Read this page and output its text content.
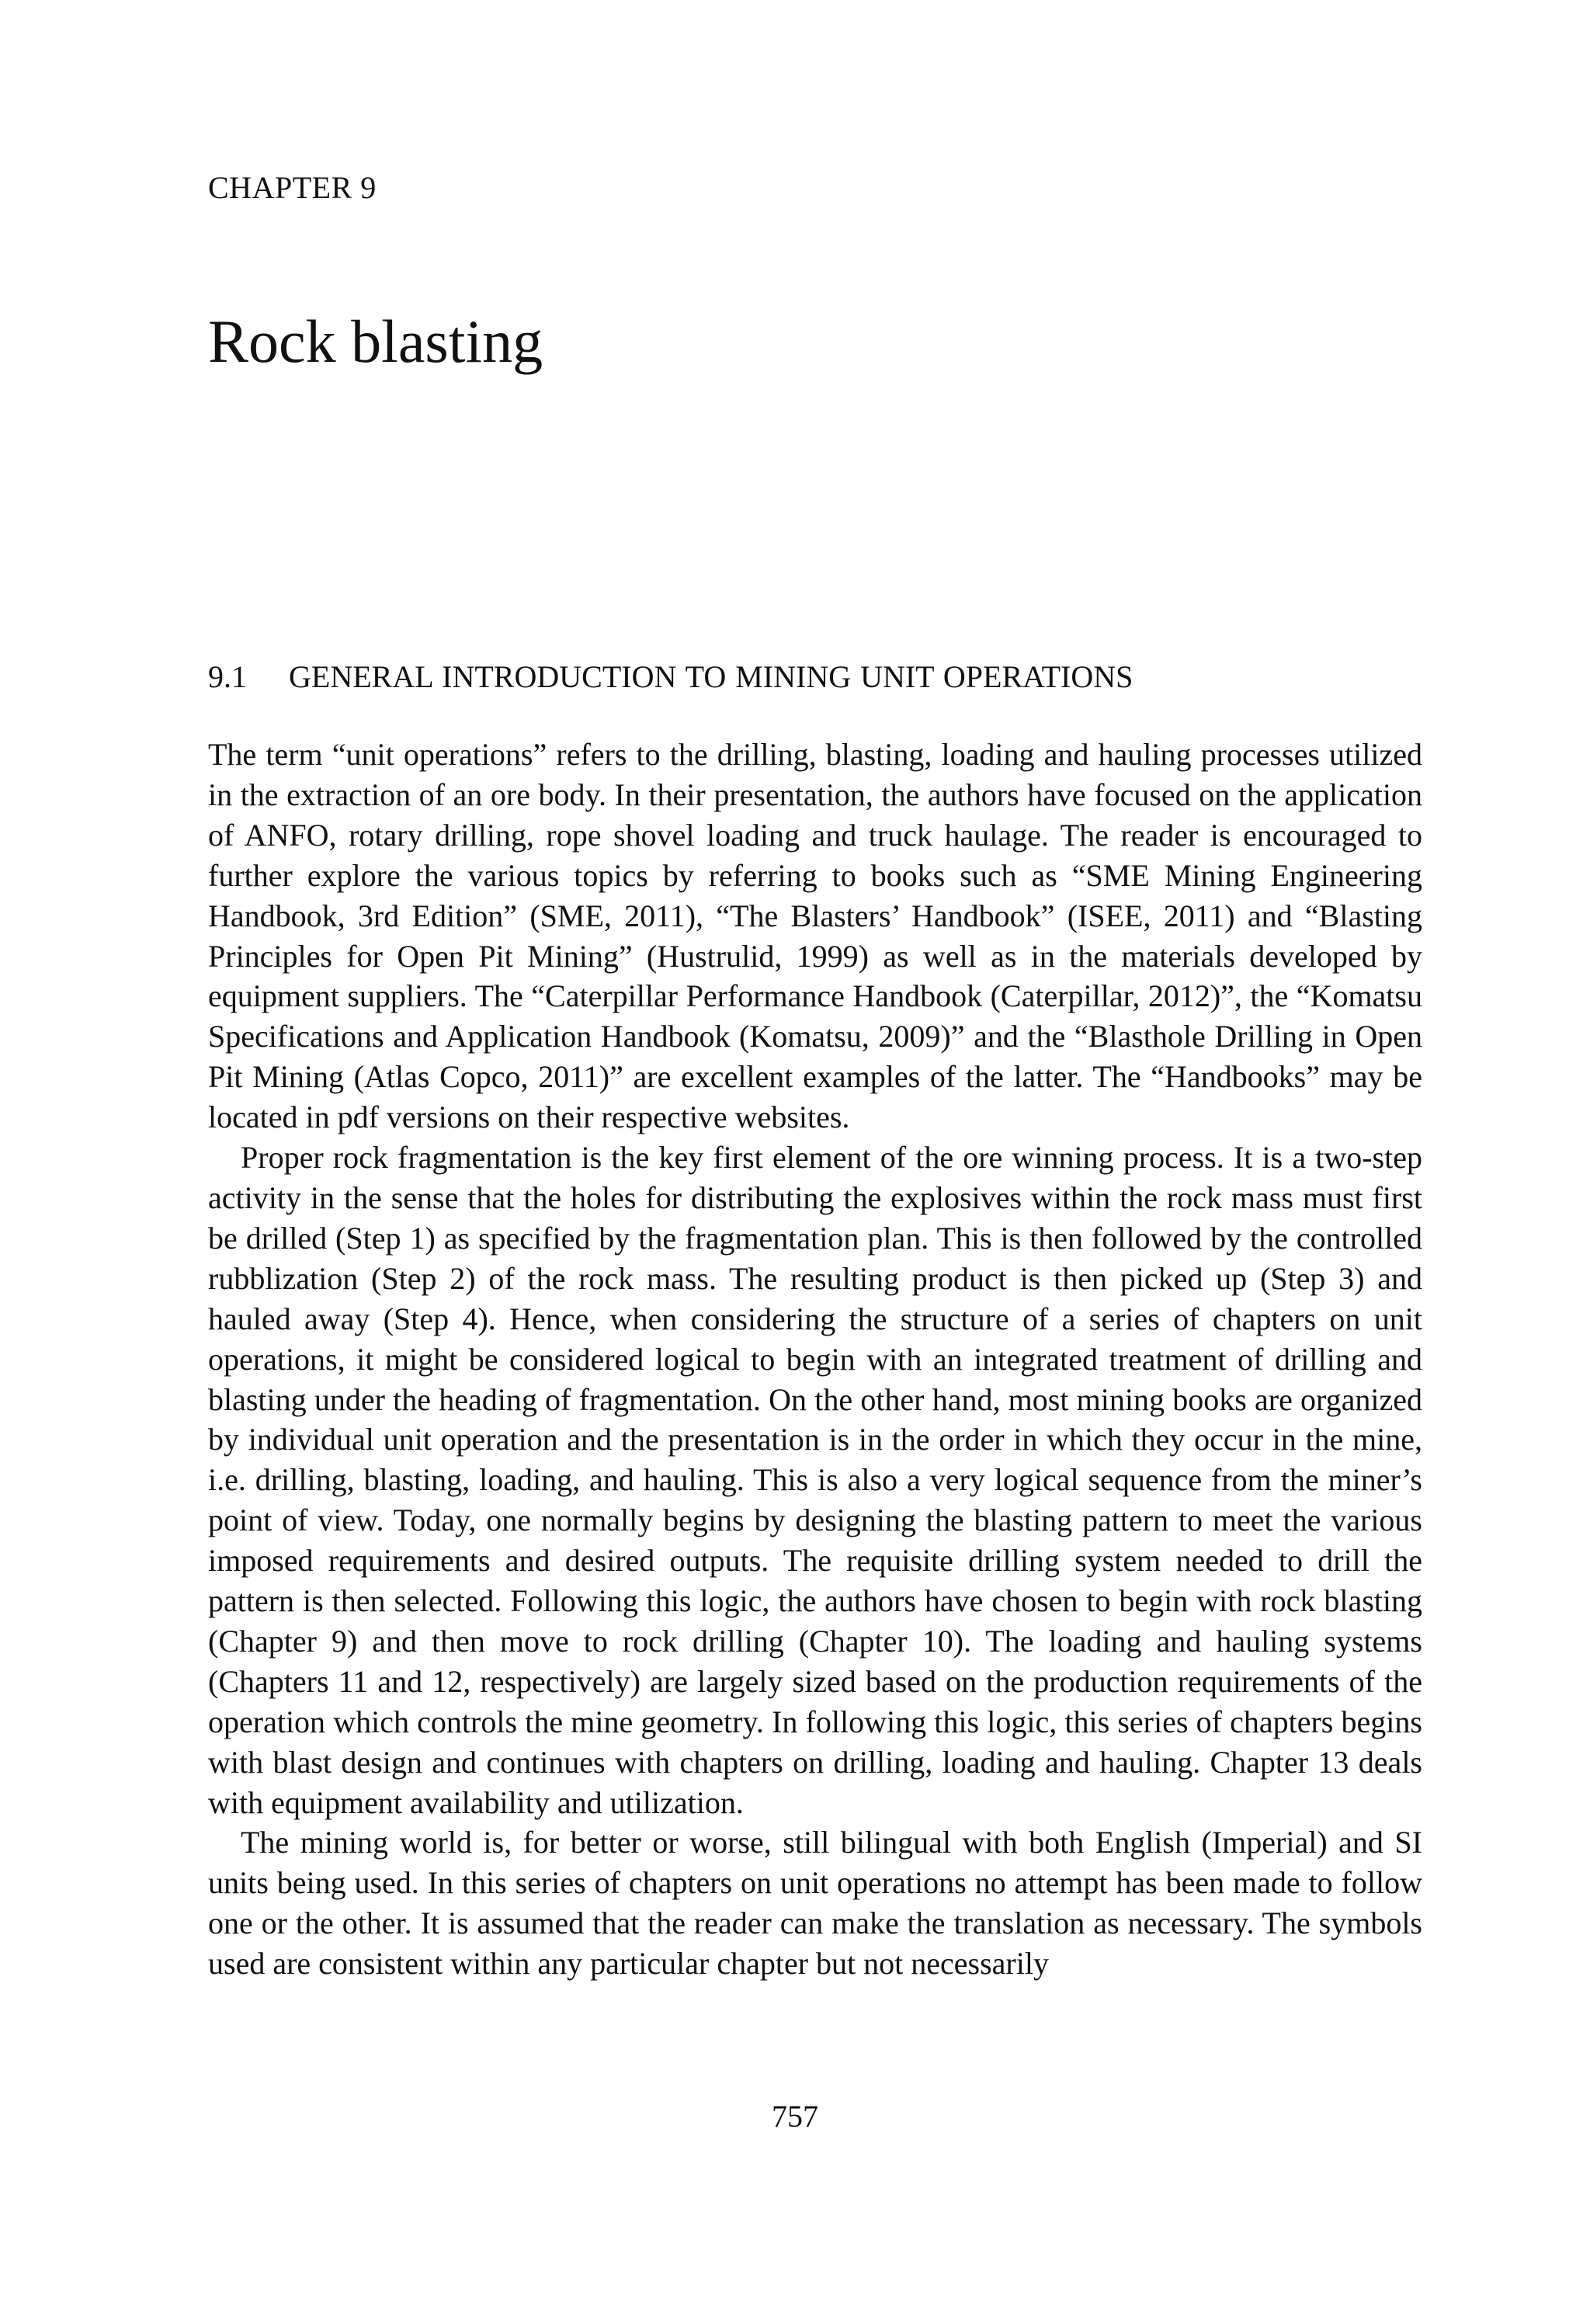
CHAPTER 9
Rock blasting
9.1 GENERAL INTRODUCTION TO MINING UNIT OPERATIONS

The term “unit operations” refers to the drilling, blasting, loading and hauling processes utilized in the extraction of an ore body. In their presentation, the authors have focused on the application of ANFO, rotary drilling, rope shovel loading and truck haulage. The reader is encouraged to further explore the various topics by referring to books such as “SME Mining Engineering Handbook, 3rd Edition” (SME, 2011), “The Blasters’ Handbook” (ISEE, 2011) and “Blasting Principles for Open Pit Mining” (Hustrulid, 1999) as well as in the materials developed by equipment suppliers. The “Caterpillar Performance Handbook (Caterpillar, 2012)”, the “Komatsu Specifications and Application Handbook (Komatsu, 2009)” and the “Blasthole Drilling in Open Pit Mining (Atlas Copco, 2011)” are excellent examples of the latter. The “Handbooks” may be located in pdf versions on their respective websites.

Proper rock fragmentation is the key first element of the ore winning process. It is a two-step activity in the sense that the holes for distributing the explosives within the rock mass must first be drilled (Step 1) as specified by the fragmentation plan. This is then followed by the controlled rubblization (Step 2) of the rock mass. The resulting product is then picked up (Step 3) and hauled away (Step 4). Hence, when considering the structure of a series of chapters on unit operations, it might be considered logical to begin with an integrated treatment of drilling and blasting under the heading of fragmentation. On the other hand, most mining books are organized by individual unit operation and the presentation is in the order in which they occur in the mine, i.e. drilling, blasting, loading, and hauling. This is also a very logical sequence from the miner’s point of view. Today, one normally begins by designing the blasting pattern to meet the various imposed requirements and desired outputs. The requisite drilling system needed to drill the pattern is then selected. Following this logic, the authors have chosen to begin with rock blasting (Chapter 9) and then move to rock drilling (Chapter 10). The loading and hauling systems (Chapters 11 and 12, respectively) are largely sized based on the production requirements of the operation which controls the mine geometry. In following this logic, this series of chapters begins with blast design and continues with chapters on drilling, loading and hauling. Chapter 13 deals with equipment availability and utilization.

The mining world is, for better or worse, still bilingual with both English (Imperial) and SI units being used. In this series of chapters on unit operations no attempt has been made to follow one or the other. It is assumed that the reader can make the translation as necessary. The symbols used are consistent within any particular chapter but not necessarily

757
